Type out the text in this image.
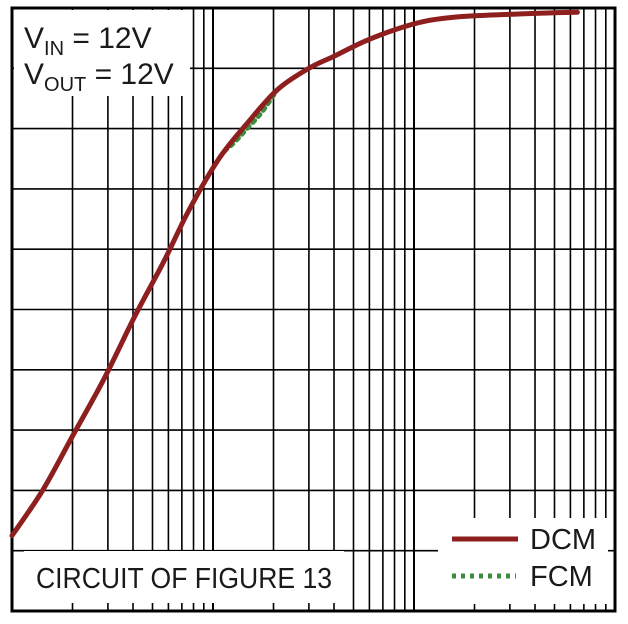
$V_{IN} = 12V$
$V_{OUT} = 12V$
CIRCUIT OF FIGURE 13
DCM
FCM
